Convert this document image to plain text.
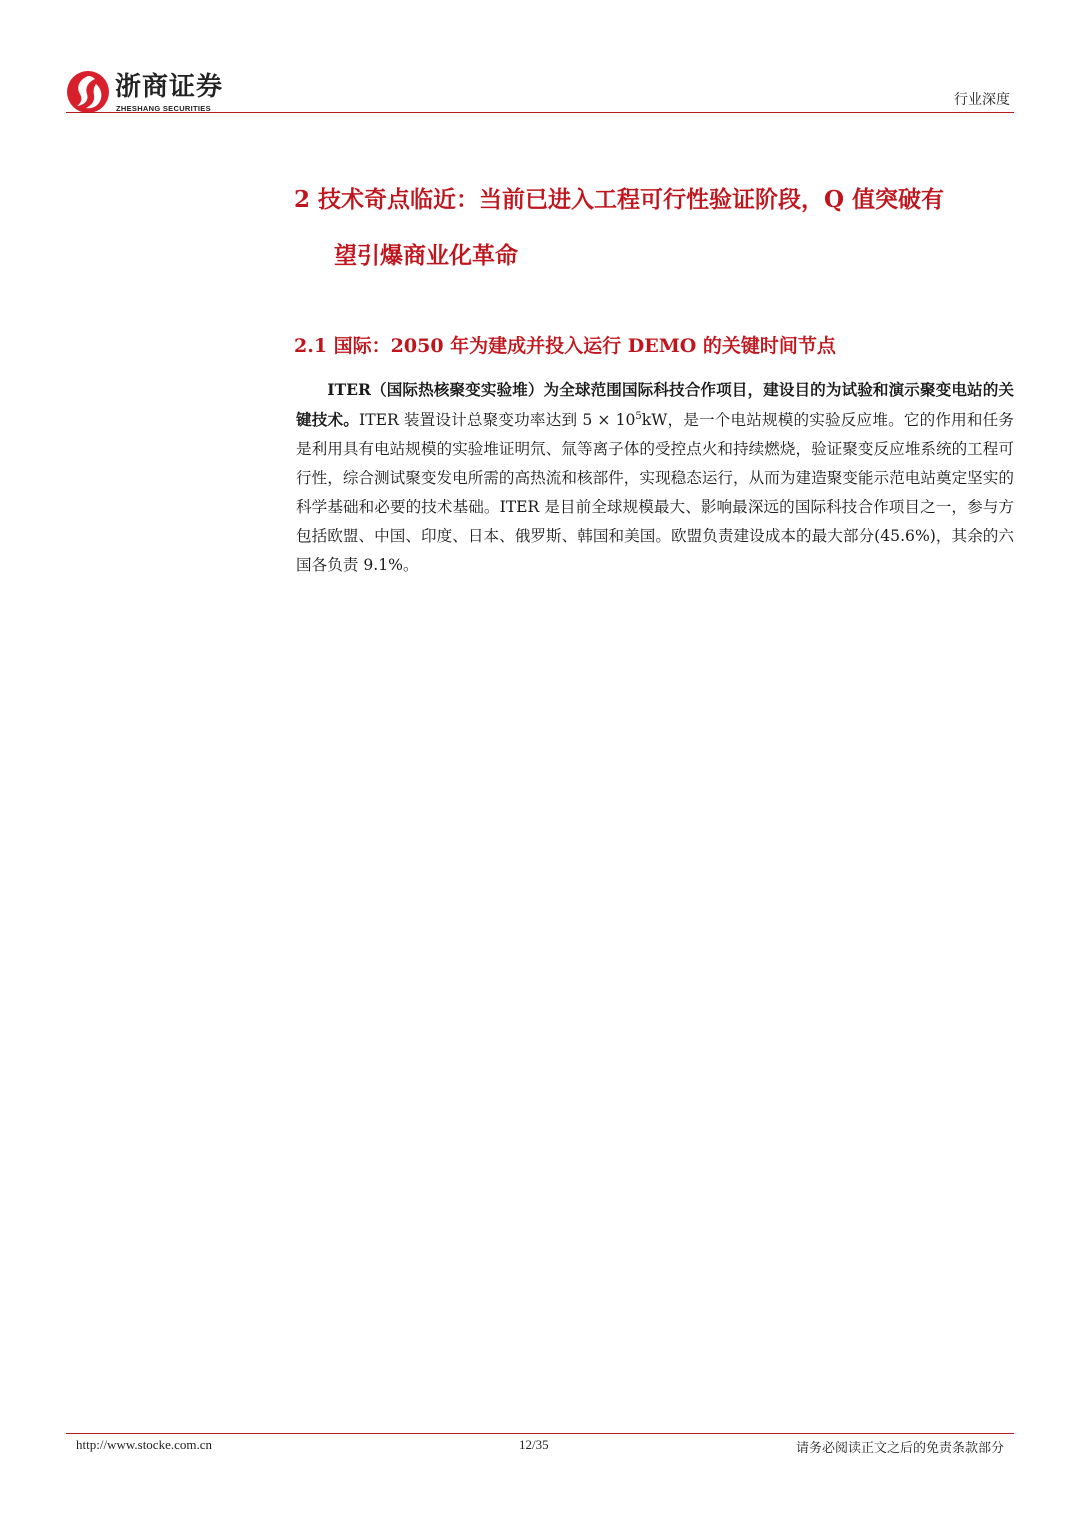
浙商证券
ZHESHANG SECURITIES
行业深度
2 技术奇点临近：当前已进入工程可行性验证阶段，Q 值突破有
望引爆商业化革命
2.1 国际：2050 年为建成并投入运行 DEMO 的关键时间节点
ITER（国际热核聚变实验堆）为全球范围国际科技合作项目，建设目的为试验和演示聚变电站的关键技术。ITER 装置设计总聚变功率达到 $5 \times 10^5kW$，是一个电站规模的实验反应堆。它的作用和任务是利用具有电站规模的实验堆证明氘、氚等离子体的受控点火和持续燃烧，验证聚变反应堆系统的工程可行性，综合测试聚变发电所需的高热流和核部件，实现稳态运行，从而为建造聚变能示范电站奠定坚实的科学基础和必要的技术基础。ITER 是目前全球规模最大、影响最深远的国际科技合作项目之一，参与方包括欧盟、中国、印度、日本、俄罗斯、韩国和美国。欧盟负责建设成本的最大部分(45.6%)，其余的六国各负责 9.1%。
http://www.stocke.com.cn	12/35	请务必阅读正文之后的免责条款部分
